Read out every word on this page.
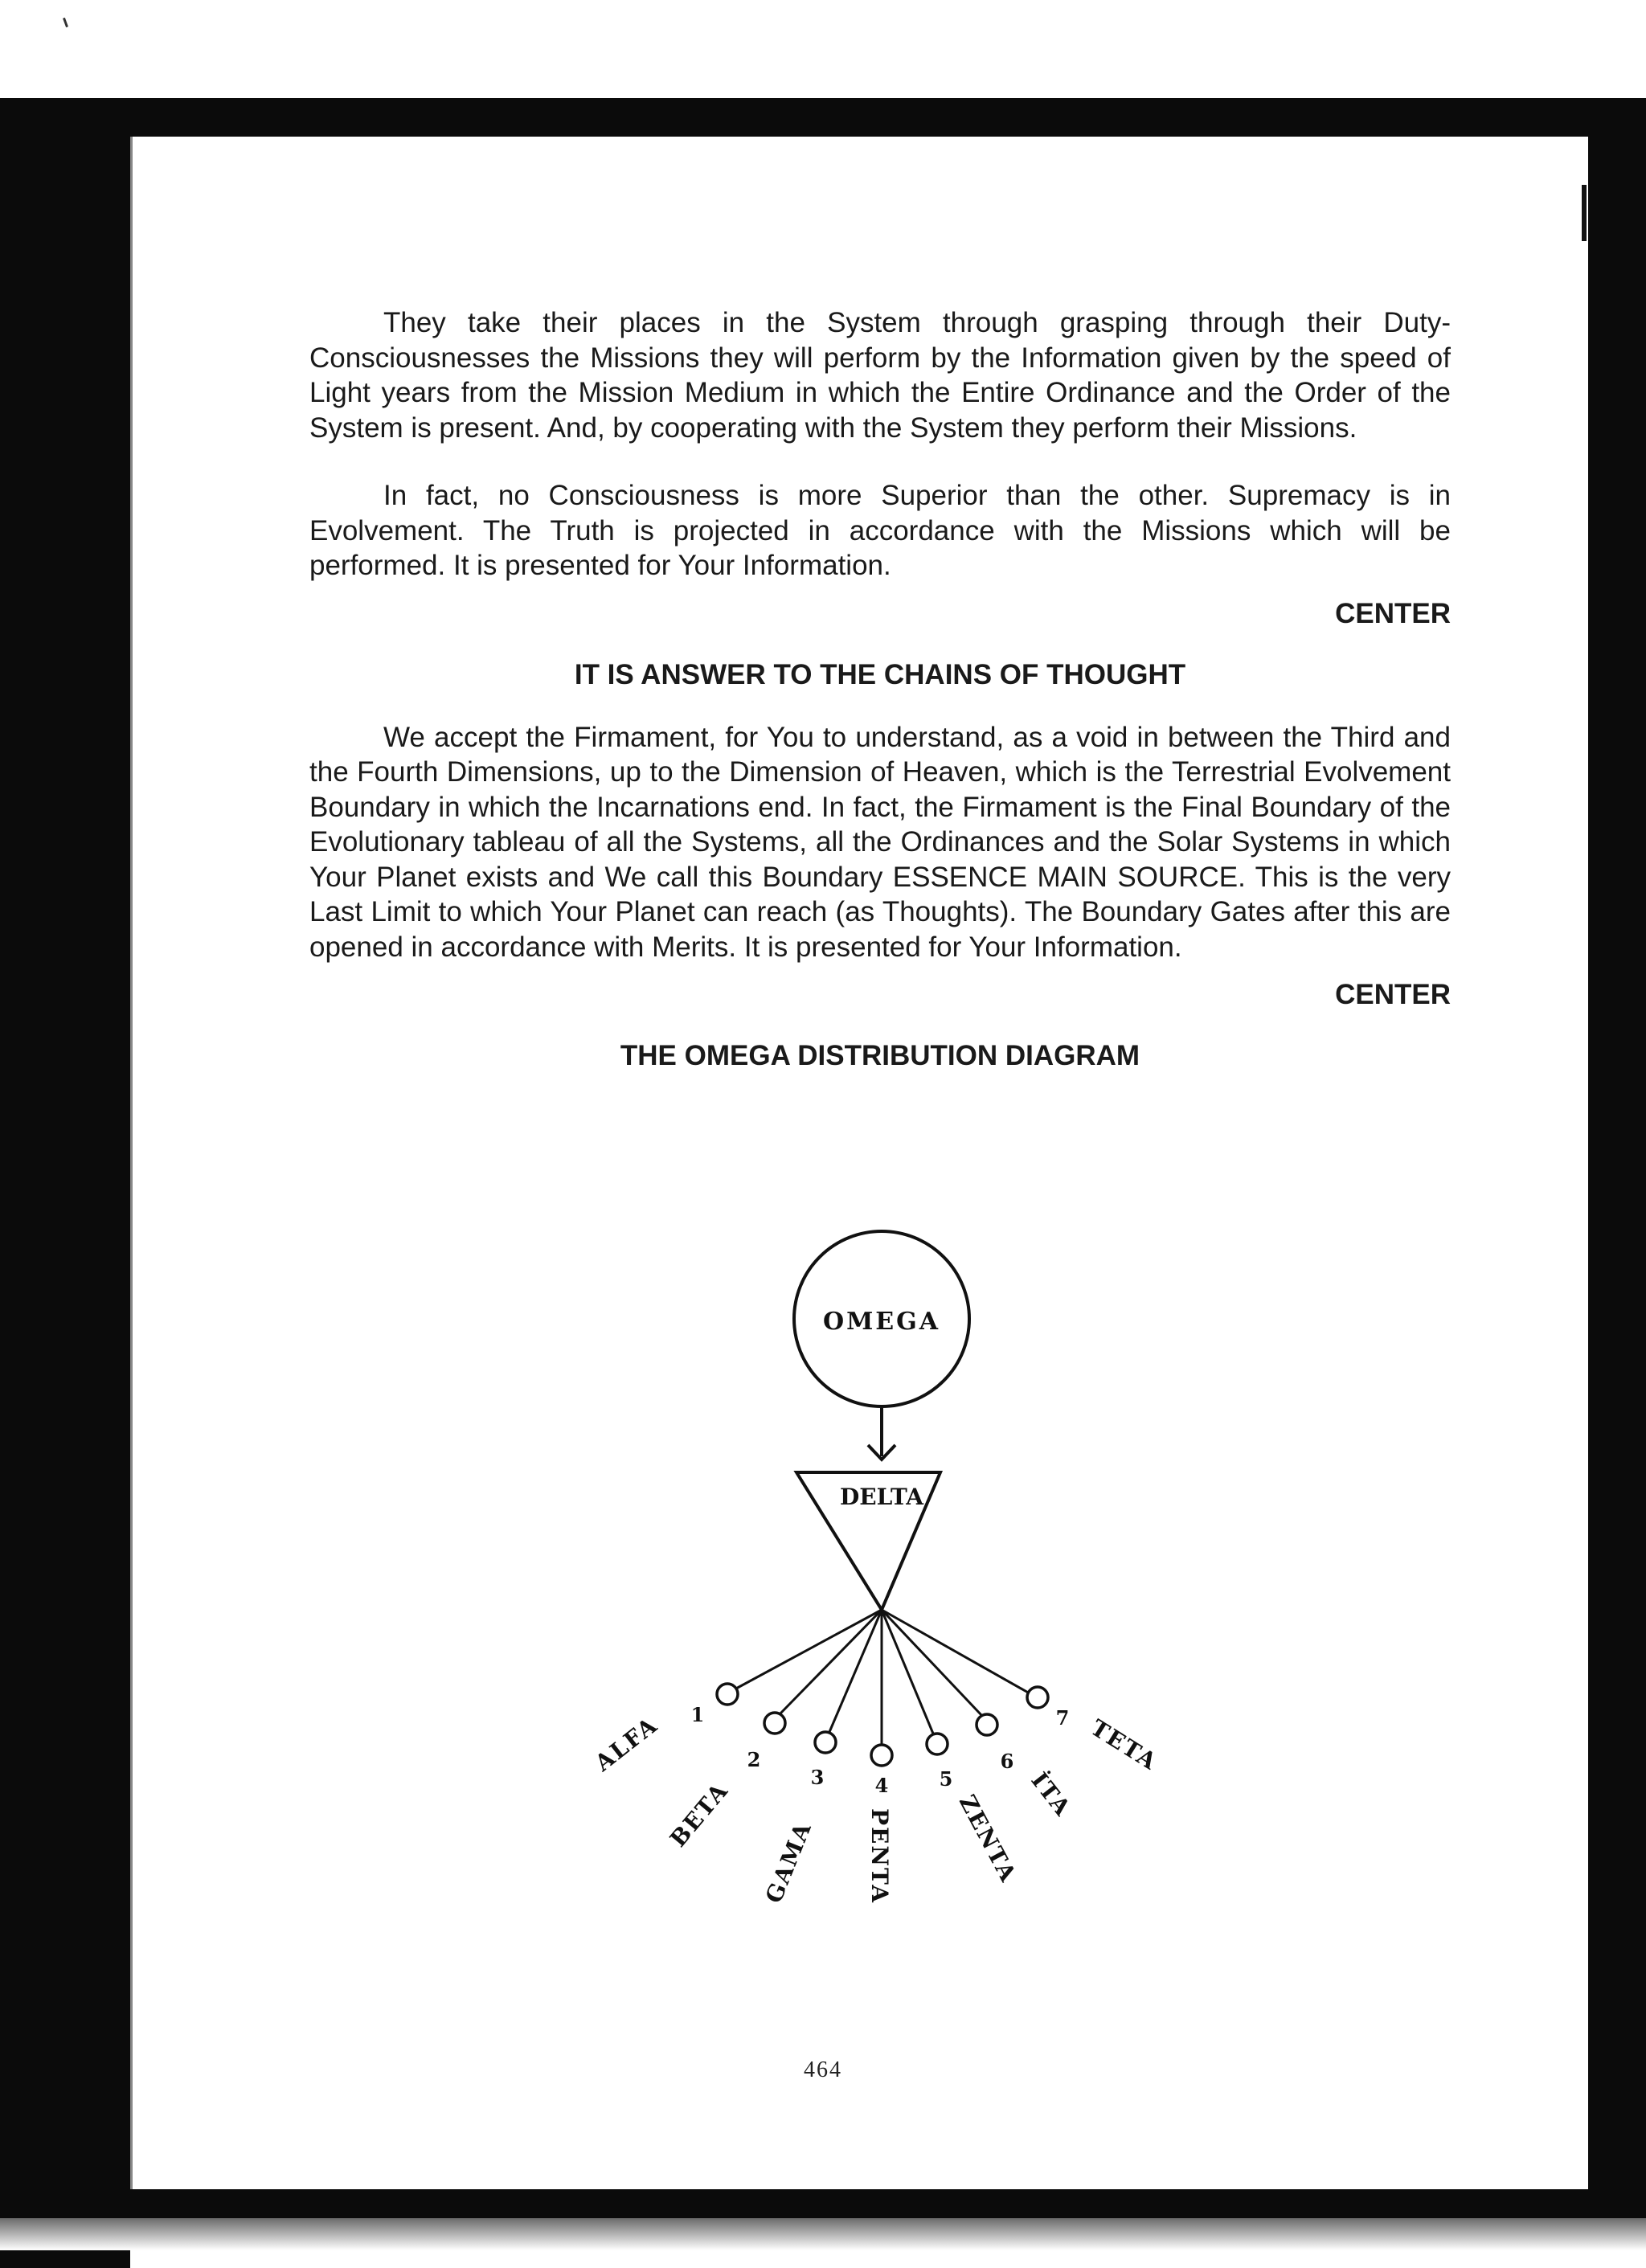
They take their places in the System through grasping through their Duty-Consciousnesses the Missions they will perform by the Information given by the speed of Light years from the Mission Medium in which the Entire Ordinance and the Order of the System is present. And, by cooperating with the System they perform their Missions.

In fact, no Consciousness is more Superior than the other. Supremacy is in Evolvement. The Truth is projected in accordance with the Missions which will be performed. It is presented for Your Information.

CENTER
IT IS ANSWER TO THE CHAINS OF THOUGHT

We accept the Firmament, for You to understand, as a void in between the Third and the Fourth Dimensions, up to the Dimension of Heaven, which is the Terrestrial Evolvement Boundary in which the Incarnations end. In fact, the Firmament is the Final Boundary of the Evolutionary tableau of all the Systems, all the Ordinances and the Solar Systems in which Your Planet exists and We call this Boundary ESSENCE MAIN SOURCE. This is the very Last Limit to which Your Planet can reach (as Thoughts). The Boundary Gates after this are opened in accordance with Merits. It is presented for Your Information.

CENTER
THE OMEGA DISTRIBUTION DIAGRAM
OMEGA
DELTA
1
2
3	4	5
6
7
ALFA
BETA
GAMA PENTA	ZENTA İTA
TETA
464
